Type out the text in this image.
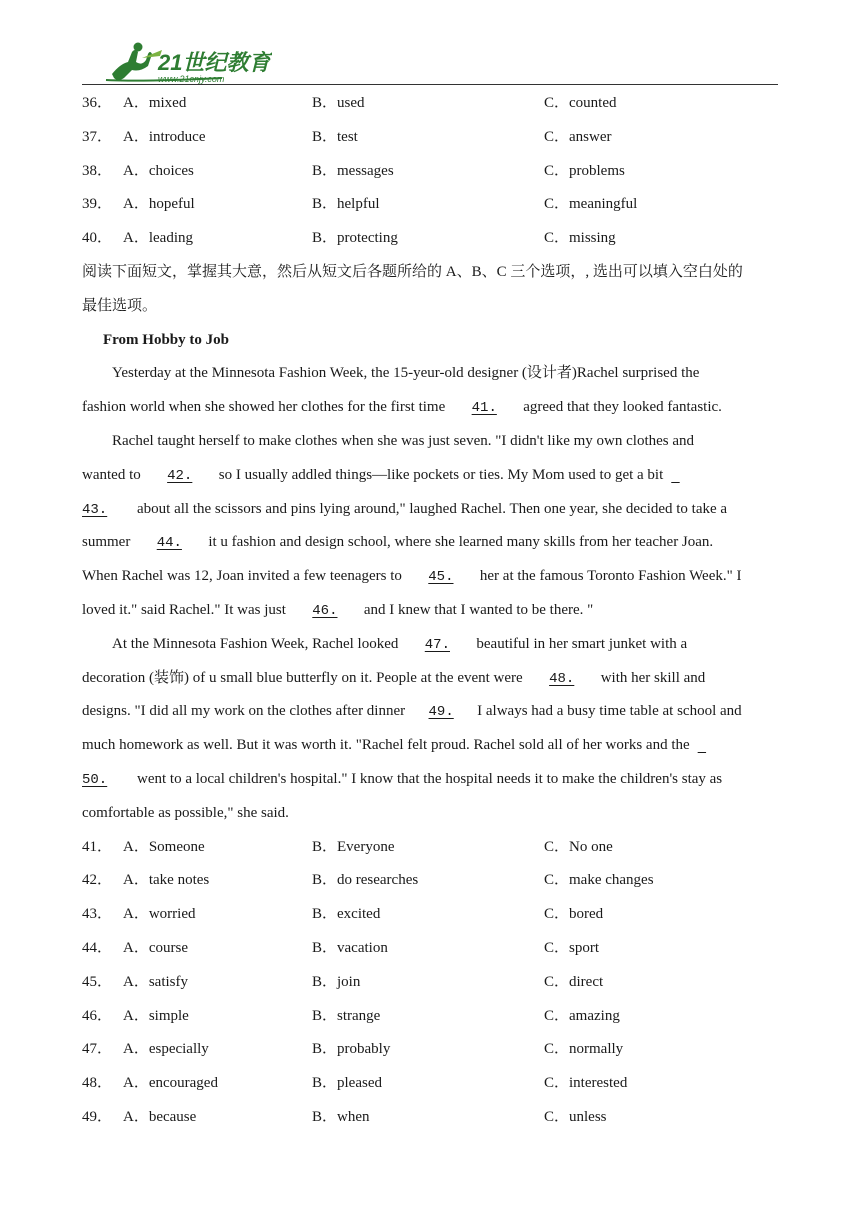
21世纪教育
www.21cnjy.com
36． A．mixed	B．used	C．counted
37． A．introduce	B．test	C．answer
38． A．choices	B．messages	C．problems
39． A．hopeful	B．helpful	C．meaningful
40． A．leading	B．protecting	C．missing
阅读下面短文，掌握其大意，然后从短文后各题所给的 A、B、C 三个选项，, 选出可以填入空白处的
最佳选项。
From Hobby to Job
Yesterday at the Minnesota Fashion Week, the 15-yeur-old designer (设计者)Rachel surprised the
fashion world when she showed her clothes for the first time 41. agreed that they looked fantastic.
Rachel taught herself to make clothes when she was just seven. "I didn't like my own clothes and
wanted to 42. so I usually addled things—like pockets or ties. My Mom used to get a bit
43. about all the scissors and pins lying around," laughed Rachel. Then one year, she decided to take a
summer 44. it u fashion and design school, where she learned many skills from her teacher Joan.
When Rachel was 12, Joan invited a few teenagers to 45. her at the famous Toronto Fashion Week." I
loved it." said Rachel." It was just 46. and I knew that I wanted to be there. "
At the Minnesota Fashion Week, Rachel looked 47. beautiful in her smart junket with a
decoration (装饰) of u small blue butterfly on it. People at the event were 48. with her skill and
designs. "I did all my work on the clothes after dinner 49. I always had a busy time table at school and
much homework as well. But it was worth it. "Rachel felt proud. Rachel sold all of her works and the
50. went to a local children's hospital." I know that the hospital needs it to make the children's stay as
comfortable as possible," she said.
41． A．Someone	B．Everyone	C．No one
42． A．take notes	B．do researches	C．make changes
43． A．worried	B．excited	C．bored
44． A．course	B．vacation	C．sport
45． A．satisfy	B．join	C．direct
46． A．simple	B．strange	C．amazing
47． A．especially	B．probably	C．normally
48． A．encouraged	B．pleased	C．interested
49． A．because	B．when	C．unless
